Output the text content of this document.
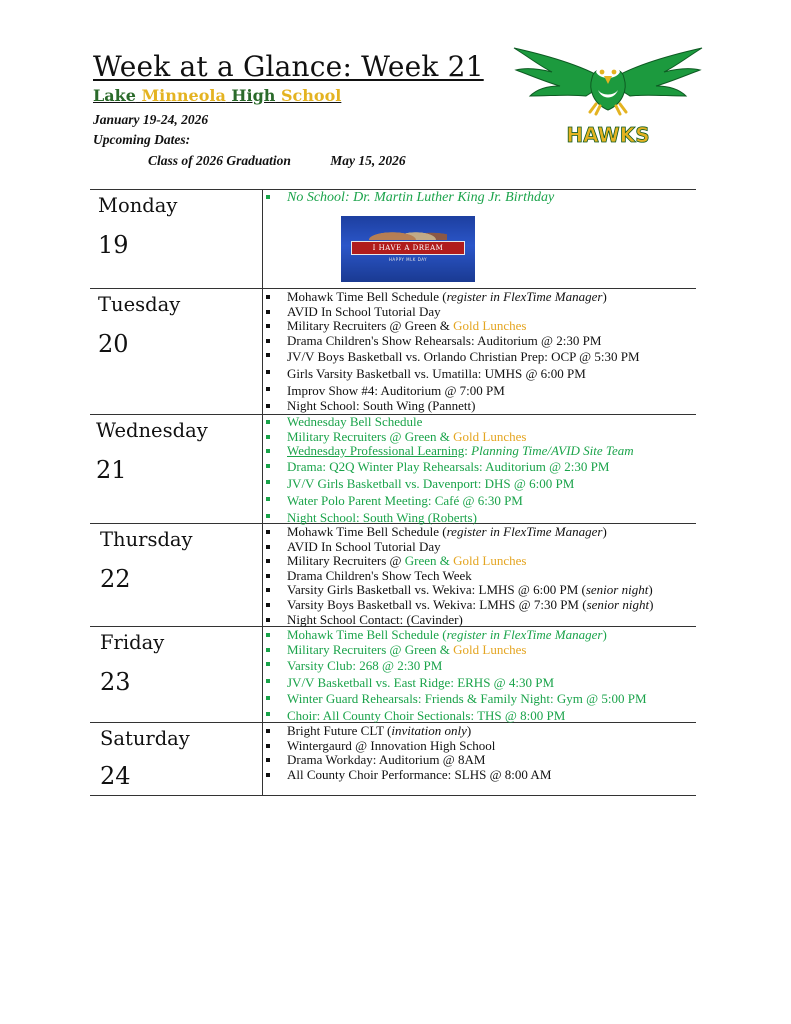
Week at a Glance: Week 21
Lake Minneola High School
January 19-24, 2026
Upcoming Dates:
Class of 2026 Graduation	May 15, 2026
HAWKS
Monday
19
No School: Dr. Martin Luther King Jr. Birthday
I HAVE A DREAM
HAPPY MLK DAY
Tuesday
20
Mohawk Time Bell Schedule (register in FlexTime Manager)
AVID In School Tutorial Day
Military Recruiters @ Green & Gold Lunches
Drama Children's Show Rehearsals: Auditorium @ 2:30 PM
JV/V Boys Basketball vs. Orlando Christian Prep: OCP @ 5:30 PM
Girls Varsity Basketball vs. Umatilla: UMHS @ 6:00 PM
Improv Show #4: Auditorium @ 7:00 PM
Night School: South Wing (Pannett)
Wednesday
21
Wednesday Bell Schedule
Military Recruiters @ Green & Gold Lunches
Wednesday Professional Learning: Planning Time/AVID Site Team
Drama: Q2Q Winter Play Rehearsals: Auditorium @ 2:30 PM
JV/V Girls Basketball vs. Davenport: DHS @ 6:00 PM
Water Polo Parent Meeting: Café @ 6:30 PM
Night School: South Wing (Roberts)
Thursday
22
Mohawk Time Bell Schedule (register in FlexTime Manager)
AVID In School Tutorial Day
Military Recruiters @ Green & Gold Lunches
Drama Children's Show Tech Week
Varsity Girls Basketball vs. Wekiva: LMHS @ 6:00 PM (senior night)
Varsity Boys Basketball vs. Wekiva: LMHS @ 7:30 PM (senior night)
Night School Contact: (Cavinder)
Friday
23
Mohawk Time Bell Schedule (register in FlexTime Manager)
Military Recruiters @ Green & Gold Lunches
Varsity Club: 268 @ 2:30 PM
JV/V Basketball vs. East Ridge: ERHS @ 4:30 PM
Winter Guard Rehearsals: Friends & Family Night: Gym @ 5:00 PM
Choir: All County Choir Sectionals: THS @ 8:00 PM
Saturday
24
Bright Future CLT (invitation only)
Wintergaurd @ Innovation High School
Drama Workday: Auditorium @ 8AM
All County Choir Performance: SLHS @ 8:00 AM
